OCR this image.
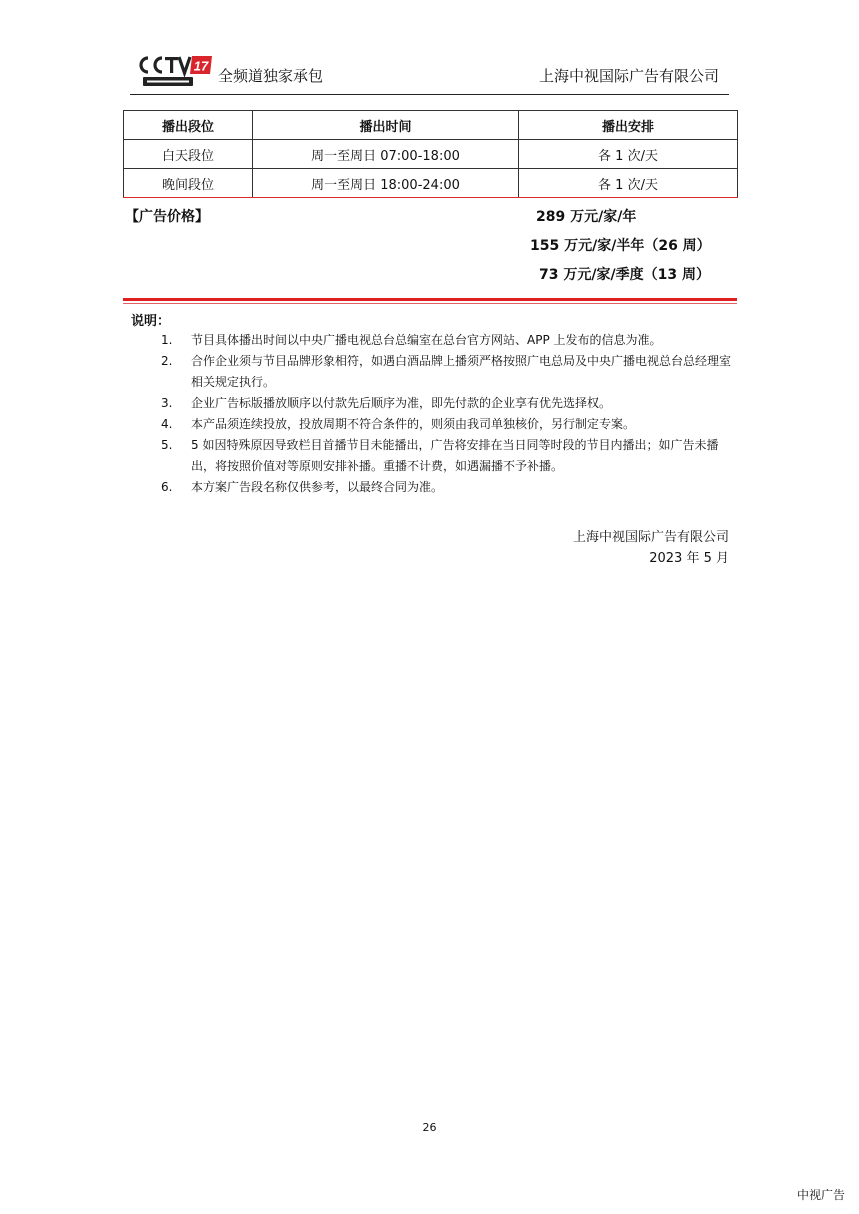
17
全频道独家承包	上海中视国际广告有限公司
播出段位	播出时间	播出安排
白天段位	周一至周日 07:00-18:00	各 1 次/天
晚间段位	周一至周日 18:00-24:00	各 1 次/天
【广告价格】	289 万元/家/年
155 万元/家/半年（26 周）
73 万元/家/季度（13 周）
说明：
1. 节目具体播出时间以中央广播电视总台总编室在总台官方网站、APP 上发布的信息为准。
2. 合作企业须与节目品牌形象相符，如遇白酒品牌上播须严格按照广电总局及中央广播电视总台总经理室相关规定执行。
3. 企业广告标版播放顺序以付款先后顺序为准，即先付款的企业享有优先选择权。
4. 本产品须连续投放，投放周期不符合条件的，则须由我司单独核价，另行制定专案。
5. 5 如因特殊原因导致栏目首播节目未能播出，广告将安排在当日同等时段的节目内播出；如广告未播出，将按照价值对等原则安排补播。重播不计费，如遇漏播不予补播。
6. 本方案广告段名称仅供参考，以最终合同为准。
上海中视国际广告有限公司
2023 年 5 月
26
中视广告
